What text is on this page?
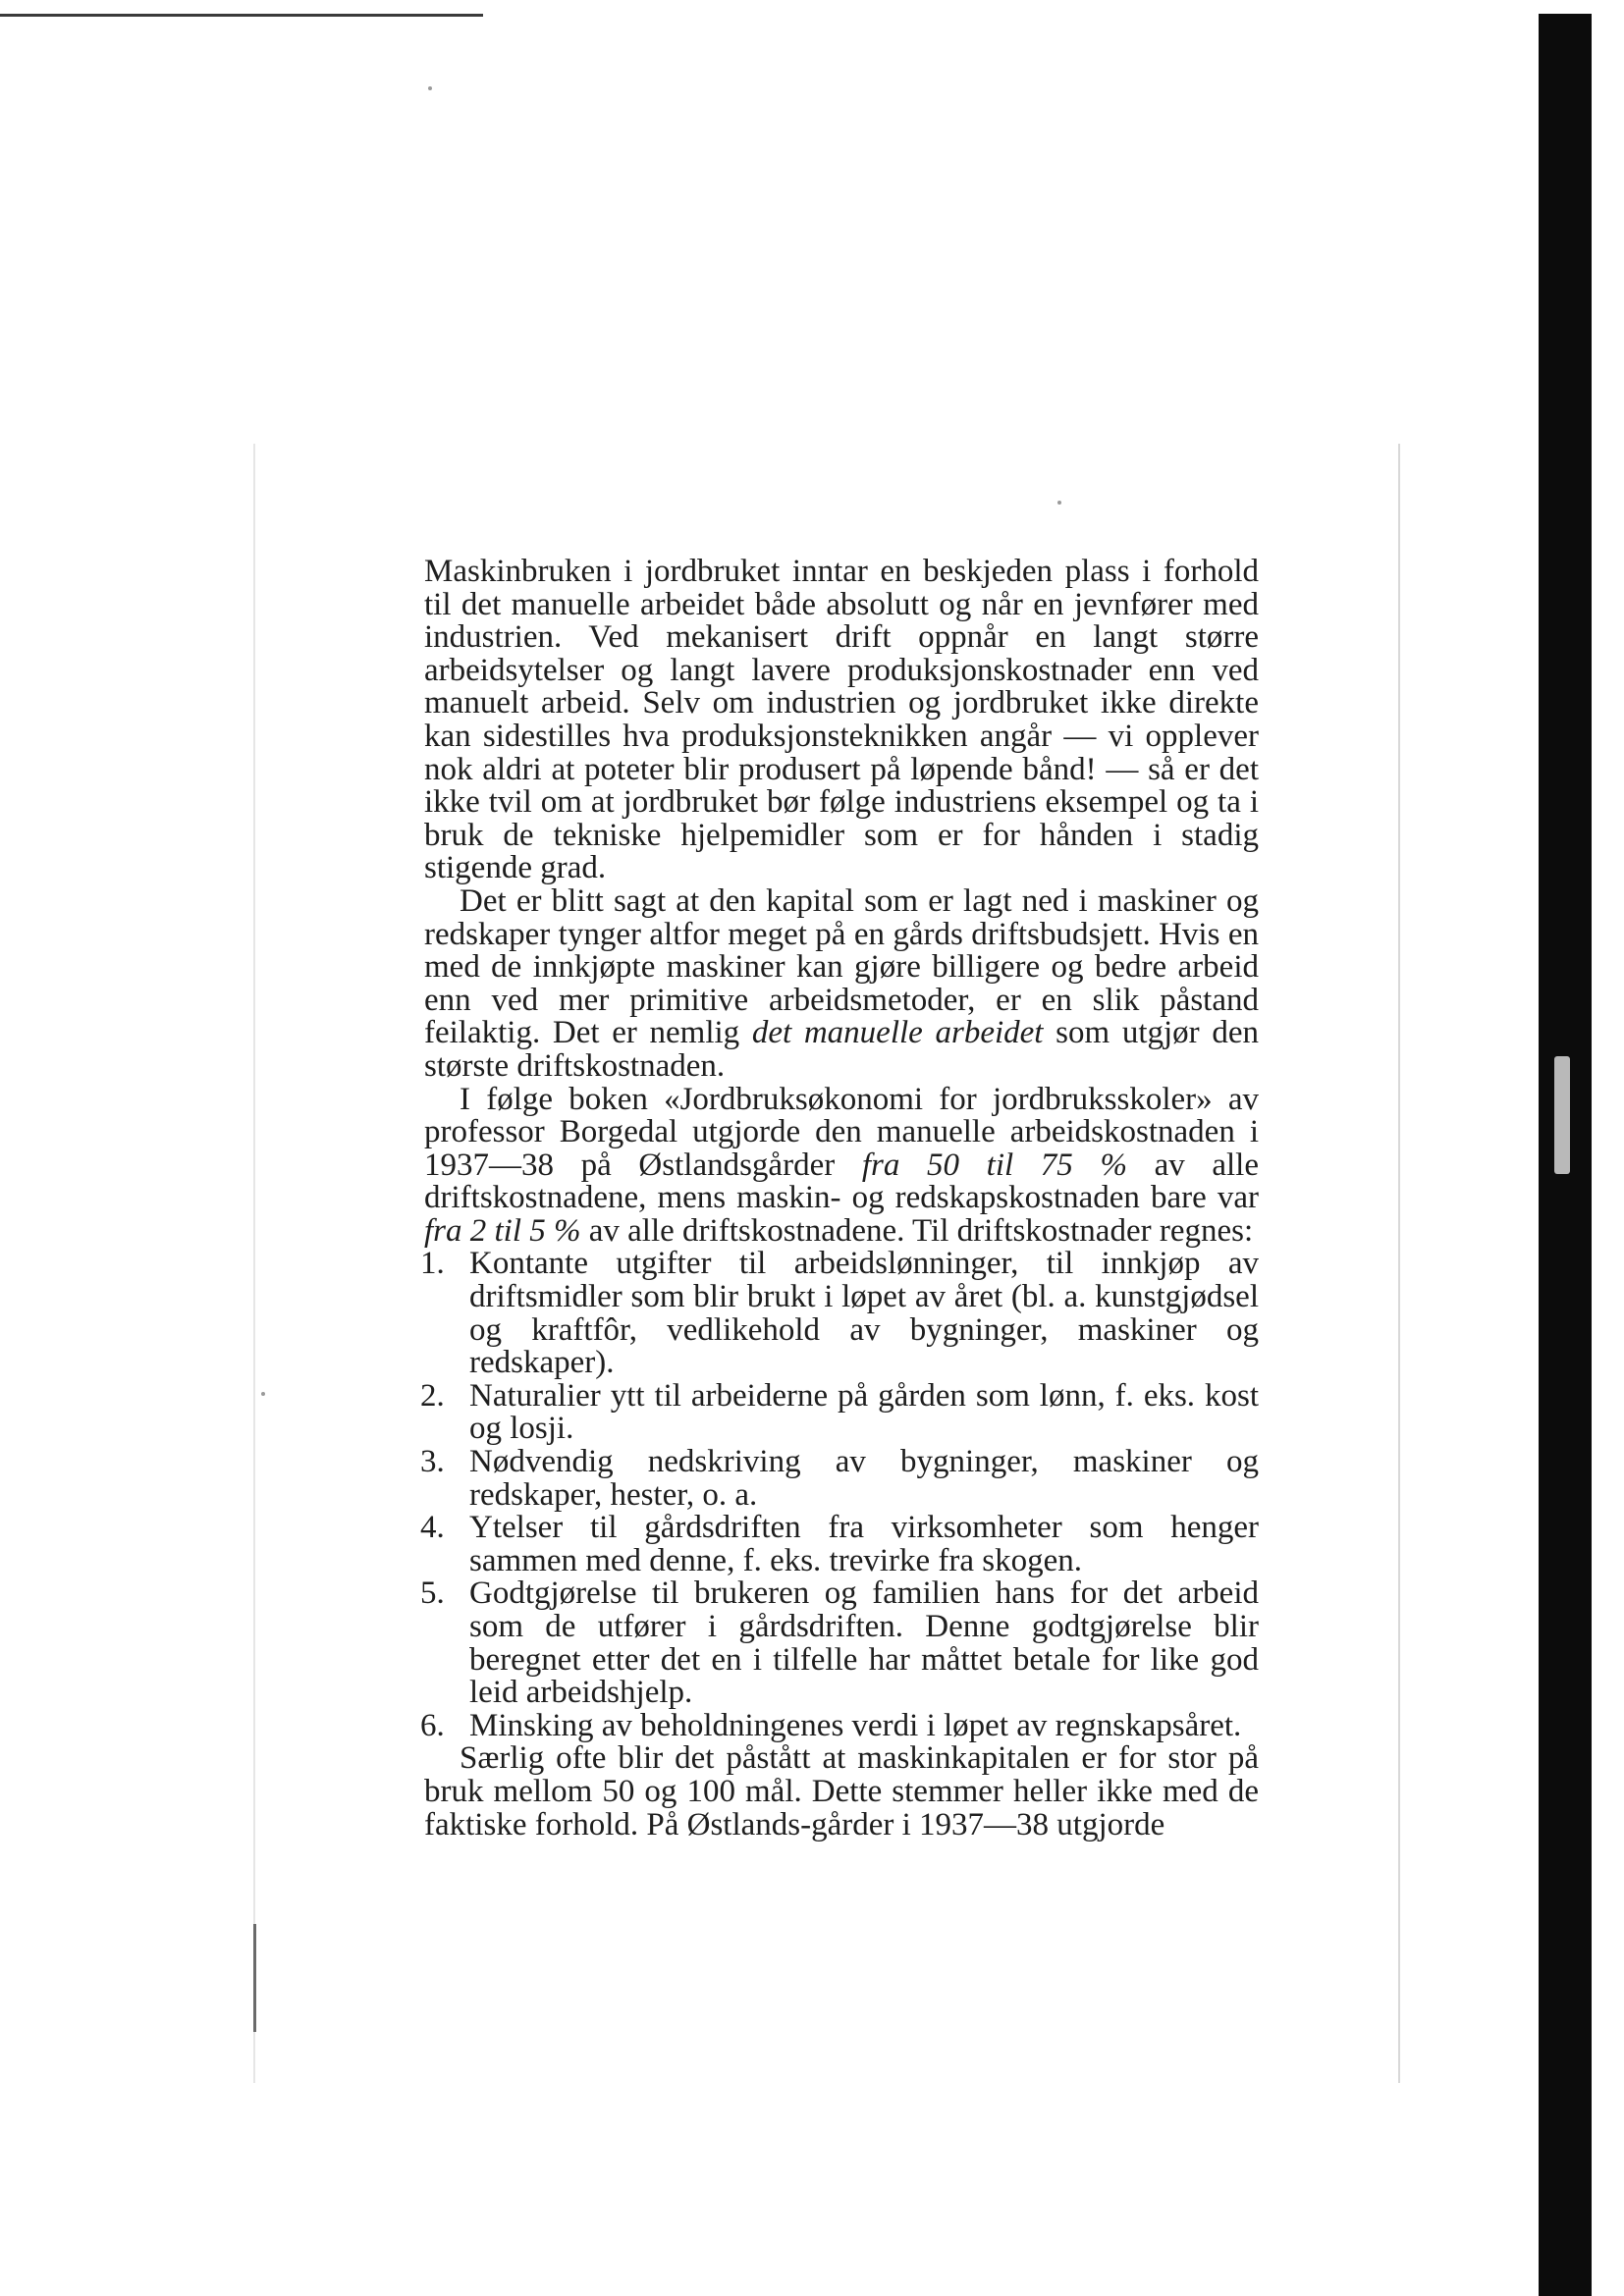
Maskinbruken i jordbruket inntar en beskjeden plass i forhold til det manuelle arbeidet både absolutt og når en jevnfører med industrien. Ved mekanisert drift oppnår en langt større arbeidsytelser og langt lavere produksjonskostnader enn ved manuelt arbeid. Selv om industrien og jordbruket ikke direkte kan sidestilles hva produksjonsteknikken angår — vi opplever nok aldri at poteter blir produsert på løpende bånd! — så er det ikke tvil om at jordbruket bør følge industriens eksempel og ta i bruk de tekniske hjelpemidler som er for hånden i stadig stigende grad.

Det er blitt sagt at den kapital som er lagt ned i maskiner og redskaper tynger altfor meget på en gårds driftsbudsjett. Hvis en med de innkjøpte maskiner kan gjøre billigere og bedre arbeid enn ved mer primitive arbeidsmetoder, er en slik påstand feilaktig. Det er nemlig det manuelle arbeidet som utgjør den største driftskostnaden.

I følge boken «Jordbruksøkonomi for jordbruksskoler» av professor Borgedal utgjorde den manuelle arbeidskostnaden i 1937—38 på Østlandsgårder fra 50 til 75 % av alle driftskostnadene, mens maskin- og redskapskostnaden bare var fra 2 til 5 % av alle driftskostnadene. Til driftskostnader regnes:

1. Kontante utgifter til arbeidslønninger, til innkjøp av driftsmidler som blir brukt i løpet av året (bl. a. kunstgjødsel og kraftfôr, vedlikehold av bygninger, maskiner og redskaper).
2. Naturalier ytt til arbeiderne på gården som lønn, f. eks. kost og losji.
3. Nødvendig nedskriving av bygninger, maskiner og redskaper, hester, o. a.
4. Ytelser til gårdsdriften fra virksomheter som henger sammen med denne, f. eks. trevirke fra skogen.
5. Godtgjørelse til brukeren og familien hans for det arbeid som de utfører i gårdsdriften. Denne godtgjørelse blir beregnet etter det en i tilfelle har måttet betale for like god leid arbeidshjelp.
6. Minsking av beholdningenes verdi i løpet av regnskapsåret.

Særlig ofte blir det påstått at maskinkapitalen er for stor på bruk mellom 50 og 100 mål. Dette stemmer heller ikke med de faktiske forhold. På Østlands-gårder i 1937—38 utgjorde
